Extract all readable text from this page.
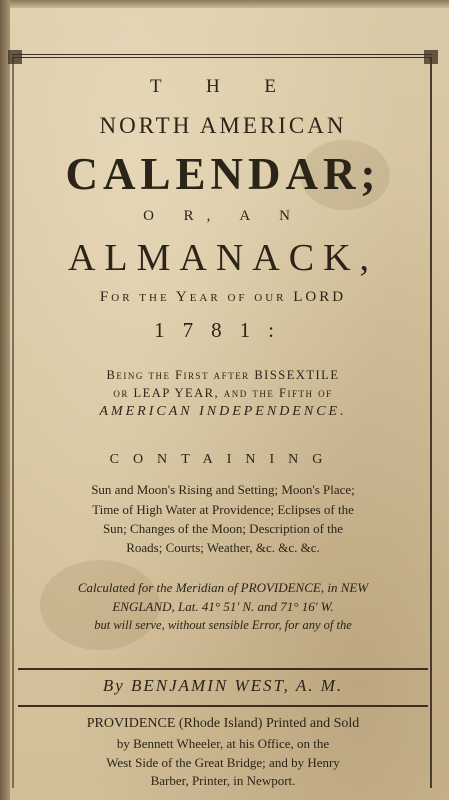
T H E
NORTH AMERICAN
CALENDAR;
O R, A N
ALMANACK,
For the Year of our LORD
1781:
Being the First after BISSEXTILE
or LEAP YEAR, and the Fifth of
AMERICAN INDEPENDENCE.
CONTAINING
Sun and Moon's Rising and Setting; Moon's Place;
Time of High Water at Providence; Eclipses of the
Sun; Changes of the Moon; Description of the
Roads; Courts; Weather, &c. &c. &c.
Calculated for the Meridian of PROVIDENCE, in NEW
ENGLAND, Lat. 41° 51' N. and 71° 16' W.
but will serve, without sensible Error, for any of the
By BENJAMIN WEST, A. M.
PROVIDENCE (Rhode Island) Printed and Sold
by Bennett Wheeler, at his Office, on the
West Side of the Great Bridge; and by Henry
Barber, Printer, in Newport.
